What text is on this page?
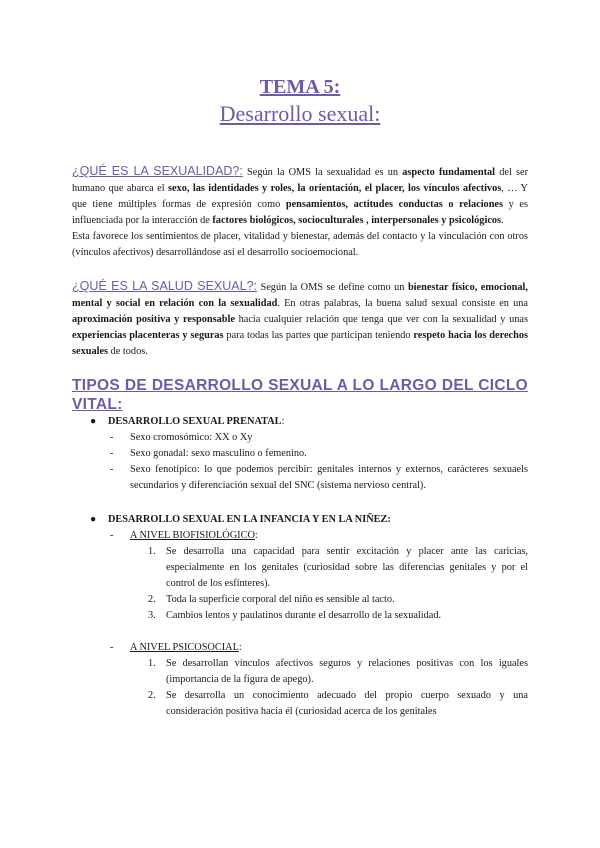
TEMA 5:
Desarrollo sexual:

¿QUÉ ES LA SEXUALIDAD?: Según la OMS la sexualidad es un aspecto fundamental del ser humano que abarca el sexo, las identidades y roles, la orientación, el placer, los vínculos afectivos, … Y que tiene múltiples formas de expresión como pensamientos, actitudes conductas o relaciones y es influenciada por la interacción de factores biológicos, socioculturales , interpersonales y psicológicos.

Esta favorece los sentimientos de placer, vitalidad y bienestar, además del contacto y la vinculación con otros (vínculos afectivos) desarrollándose así el desarrollo socioemocional.

¿QUÉ ES LA SALUD SEXUAL?: Según la OMS se define como un bienestar físico, emocional, mental y social en relación con la sexualidad. En otras palabras, la buena salud sexual consiste en una aproximación positiva y responsable hacia cualquier relación que tenga que ver con la sexualidad y unas experiencias placenteras y seguras para todas las partes que participan teniendo respeto hacia los derechos sexuales de todos.

TIPOS DE DESARROLLO SEXUAL A LO LARGO DEL CICLO VITAL:
● DESARROLLO SEXUAL PRENATAL:
- Sexo cromosómico: XX o Xy
- Sexo gonadal: sexo masculino o femenino.
- Sexo fenotípico: lo que podemos percibir: genitales internos y externos, carácteres sexuaels secundarios y diferenciación sexual del SNC (sistema nervioso central).
● DESARROLLO SEXUAL EN LA INFANCIA Y EN LA NIÑEZ:
- A NIVEL BIOFISIOLÓGICO:
1. Se desarrolla una capacidad para sentir excitación y placer ante las caricias, especialmente en los genitales (curiosidad sobre las diferencias genitales y por el control de los esfínteres).
2. Toda la superficie corporal del niño es sensible al tacto.
3. Cambios lentos y paulatinos durante el desarrollo de la sexualidad.
- A NIVEL PSICOSOCIAL:
1. Se desarrollan vínculos afectivos seguros y relaciones positivas con los iguales (importancia de la figura de apego).
2. Se desarrolla un conocimiento adecuado del propio cuerpo sexuado y una consideración positiva hacia él (curiosidad acerca de los genitales
